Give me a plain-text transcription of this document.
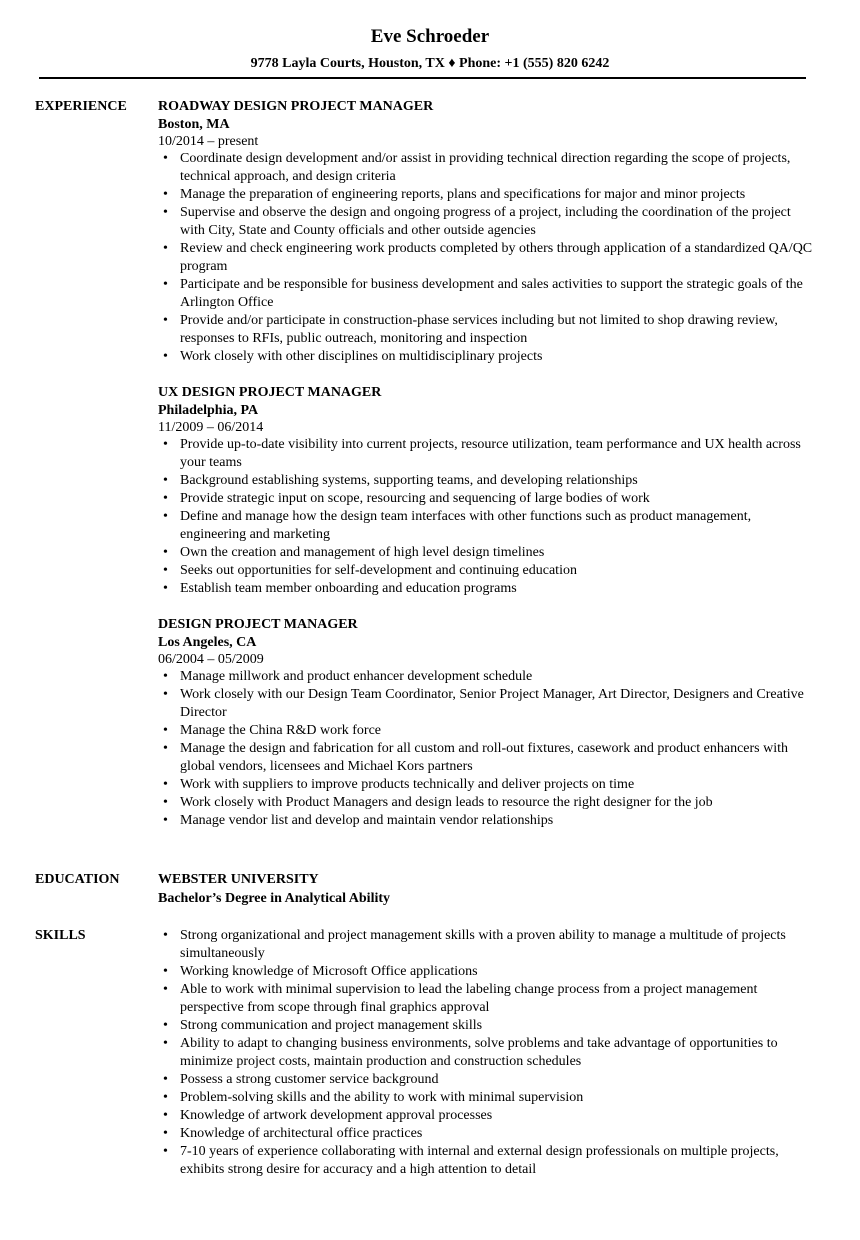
Eve Schroeder
9778 Layla Courts, Houston, TX ♦ Phone: +1 (555) 820 6242
EXPERIENCE	ROADWAY DESIGN PROJECT MANAGER
Boston, MA
10/2014 – present
• Coordinate design development and/or assist in providing technical direction regarding the scope of projects, technical approach, and design criteria
• Manage the preparation of engineering reports, plans and specifications for major and minor projects
• Supervise and observe the design and ongoing progress of a project, including the coordination of the project with City, State and County officials and other outside agencies
• Review and check engineering work products completed by others through application of a standardized QA/QC program
• Participate and be responsible for business development and sales activities to support the strategic goals of the Arlington Office
• Provide and/or participate in construction-phase services including but not limited to shop drawing review, responses to RFIs, public outreach, monitoring and inspection
• Work closely with other disciplines on multidisciplinary projects
UX DESIGN PROJECT MANAGER
Philadelphia, PA
11/2009 – 06/2014
• Provide up-to-date visibility into current projects, resource utilization, team performance and UX health across your teams
• Background establishing systems, supporting teams, and developing relationships
• Provide strategic input on scope, resourcing and sequencing of large bodies of work
• Define and manage how the design team interfaces with other functions such as product management, engineering and marketing
• Own the creation and management of high level design timelines
• Seeks out opportunities for self-development and continuing education
• Establish team member onboarding and education programs
DESIGN PROJECT MANAGER
Los Angeles, CA
06/2004 – 05/2009
• Manage millwork and product enhancer development schedule
• Work closely with our Design Team Coordinator, Senior Project Manager, Art Director, Designers and Creative Director
• Manage the China R&D work force
• Manage the design and fabrication for all custom and roll-out fixtures, casework and product enhancers with global vendors, licensees and Michael Kors partners
• Work with suppliers to improve products technically and deliver projects on time
• Work closely with Product Managers and design leads to resource the right designer for the job
• Manage vendor list and develop and maintain vendor relationships
EDUCATION	WEBSTER UNIVERSITY
Bachelor’s Degree in Analytical Ability
SKILLS
•	Strong organizational and project management skills with a proven ability to manage a multitude of projects simultaneously
• Working knowledge of Microsoft Office applications
• Able to work with minimal supervision to lead the labeling change process from a project management perspective from scope through final graphics approval
• Strong communication and project management skills
• Ability to adapt to changing business environments, solve problems and take advantage of opportunities to minimize project costs, maintain production and construction schedules
• Possess a strong customer service background
• Problem-solving skills and the ability to work with minimal supervision
• Knowledge of artwork development approval processes
• Knowledge of architectural office practices
• 7-10 years of experience collaborating with internal and external design professionals on multiple projects, exhibits strong desire for accuracy and a high attention to detail
